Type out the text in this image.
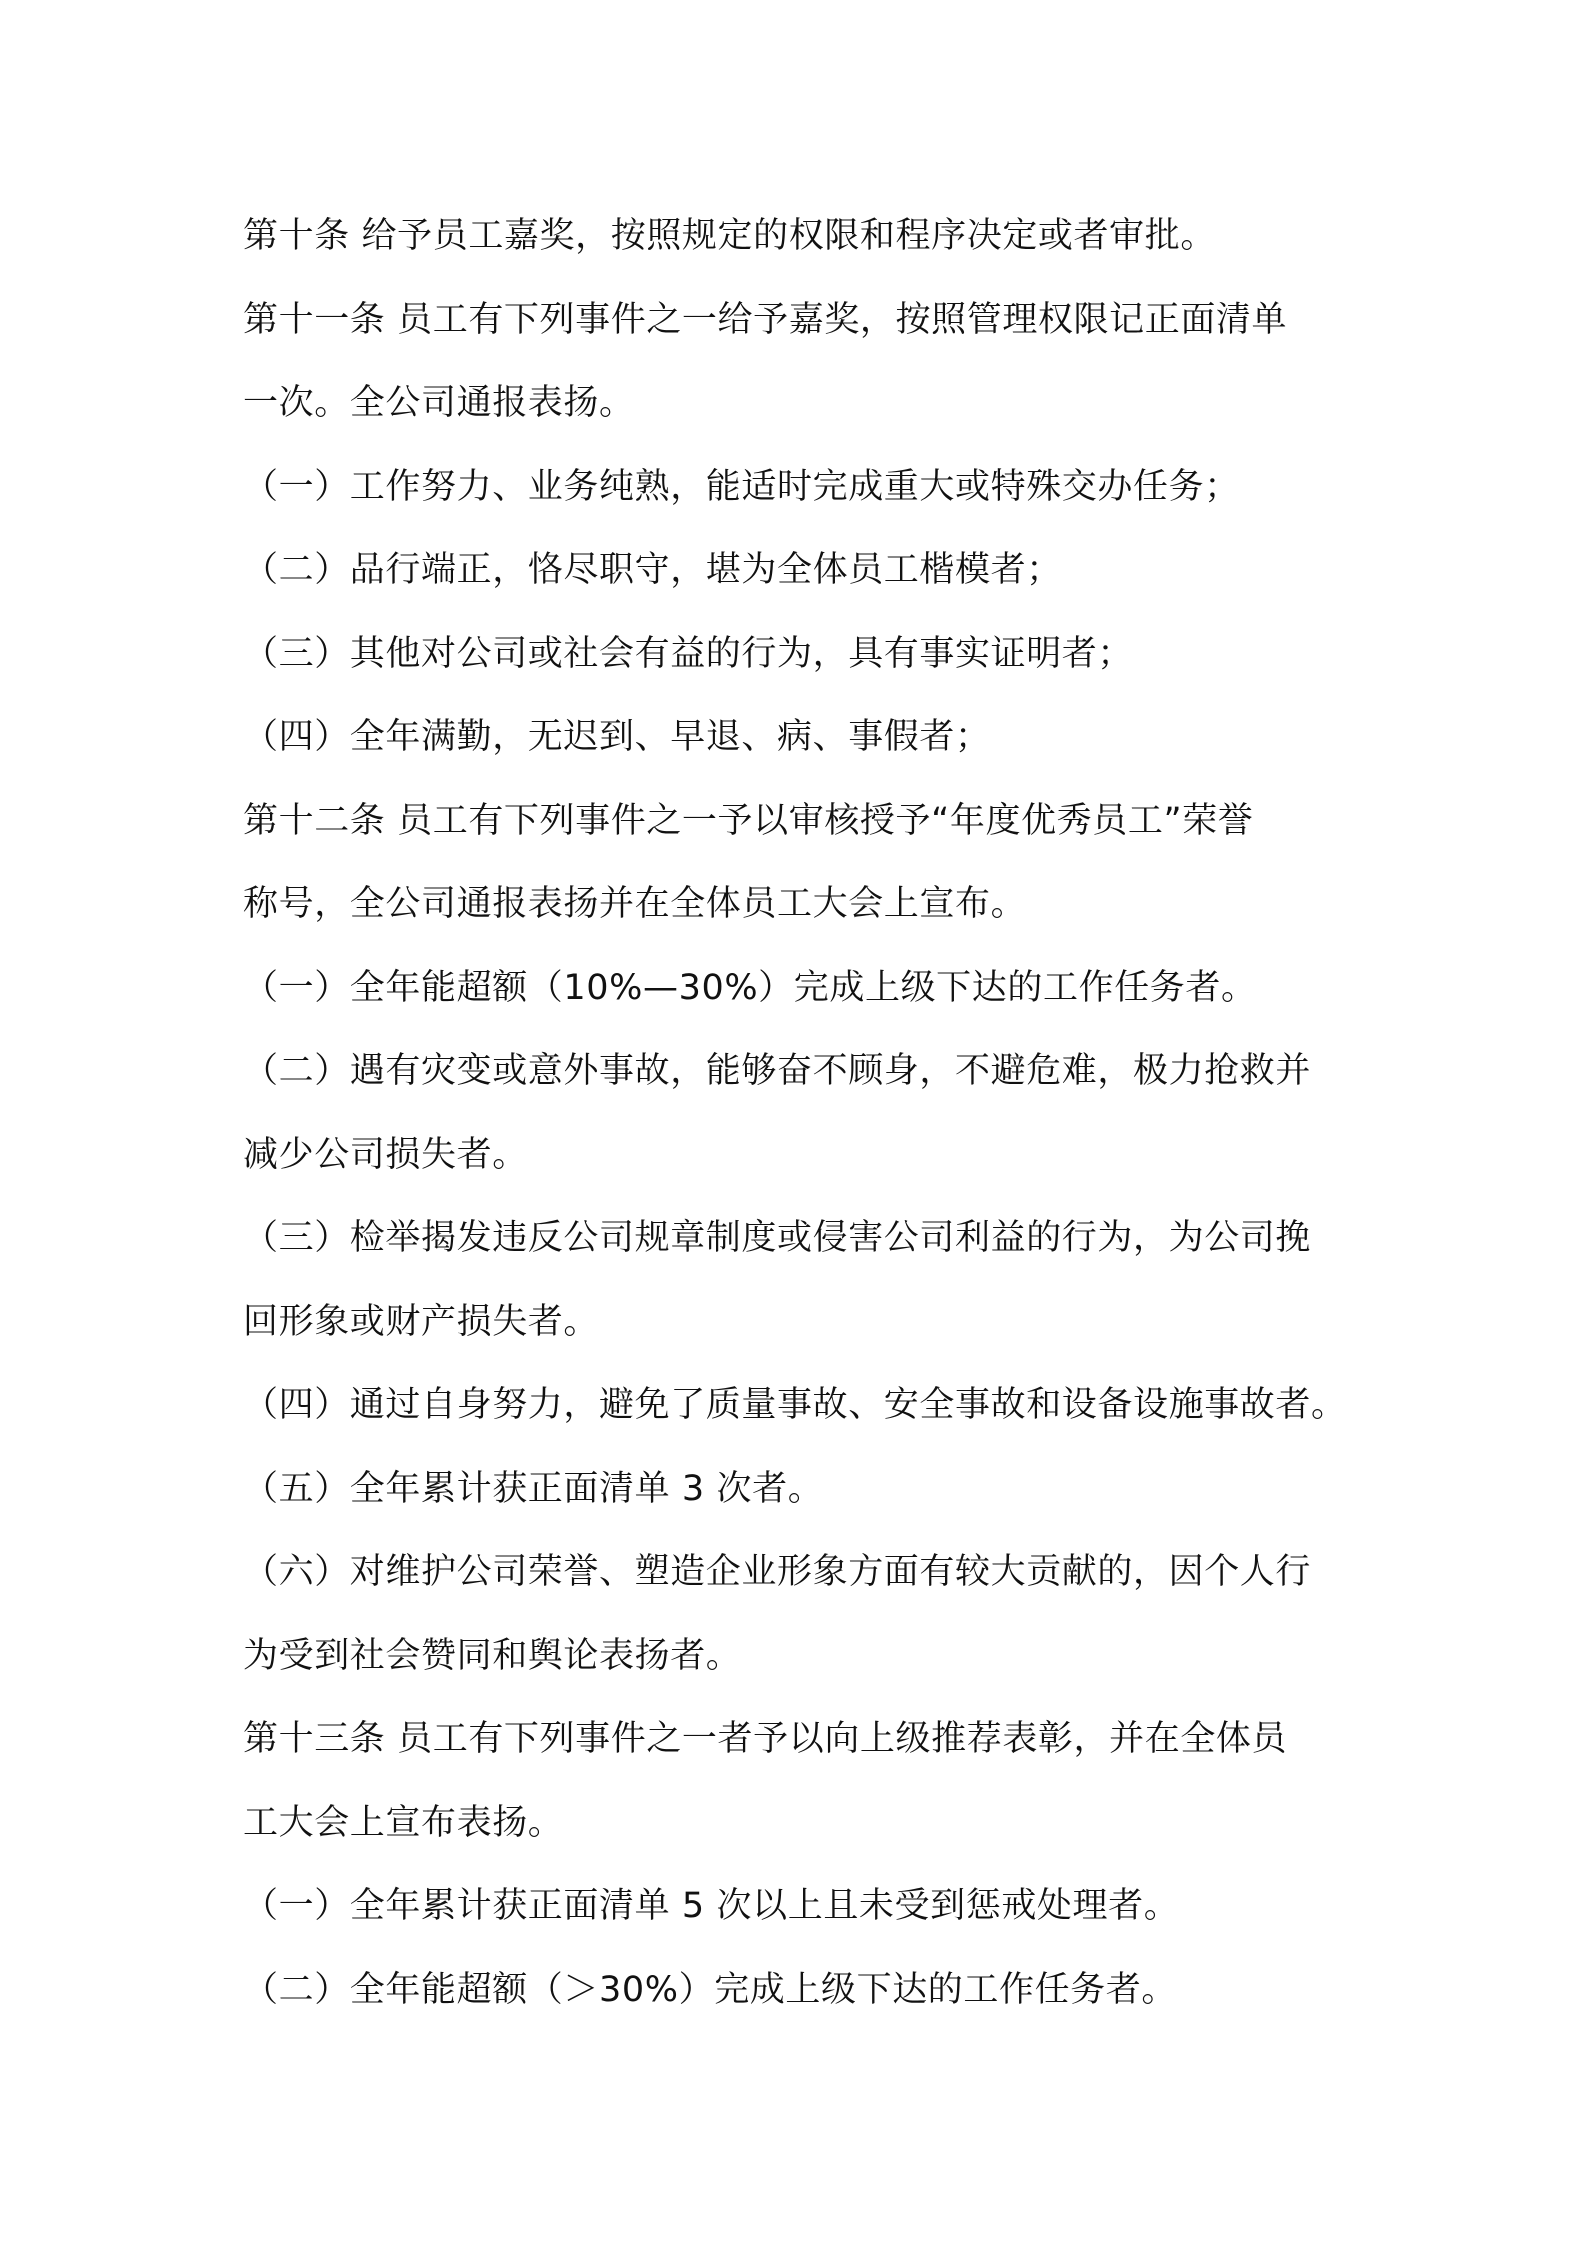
第十条 给予员工嘉奖，按照规定的权限和程序决定或者审批。
第十一条 员工有下列事件之一给予嘉奖，按照管理权限记正面清单
一次。全公司通报表扬。
（一）工作努力、业务纯熟，能适时完成重大或特殊交办任务；
（二）品行端正，恪尽职守，堪为全体员工楷模者；
（三）其他对公司或社会有益的行为，具有事实证明者；
（四）全年满勤，无迟到、早退、病、事假者；
第十二条 员工有下列事件之一予以审核授予“年度优秀员工”荣誉
称号，全公司通报表扬并在全体员工大会上宣布。
（一）全年能超额（10%—30%）完成上级下达的工作任务者。
（二）遇有灾变或意外事故，能够奋不顾身，不避危难，极力抢救并
减少公司损失者。
（三）检举揭发违反公司规章制度或侵害公司利益的行为，为公司挽
回形象或财产损失者。
（四）通过自身努力，避免了质量事故、安全事故和设备设施事故者。
（五）全年累计获正面清单 3 次者。
（六）对维护公司荣誉、塑造企业形象方面有较大贡献的，因个人行
为受到社会赞同和舆论表扬者。
第十三条 员工有下列事件之一者予以向上级推荐表彰，并在全体员
工大会上宣布表扬。
（一）全年累计获正面清单 5 次以上且未受到惩戒处理者。
（二）全年能超额（＞30%）完成上级下达的工作任务者。
